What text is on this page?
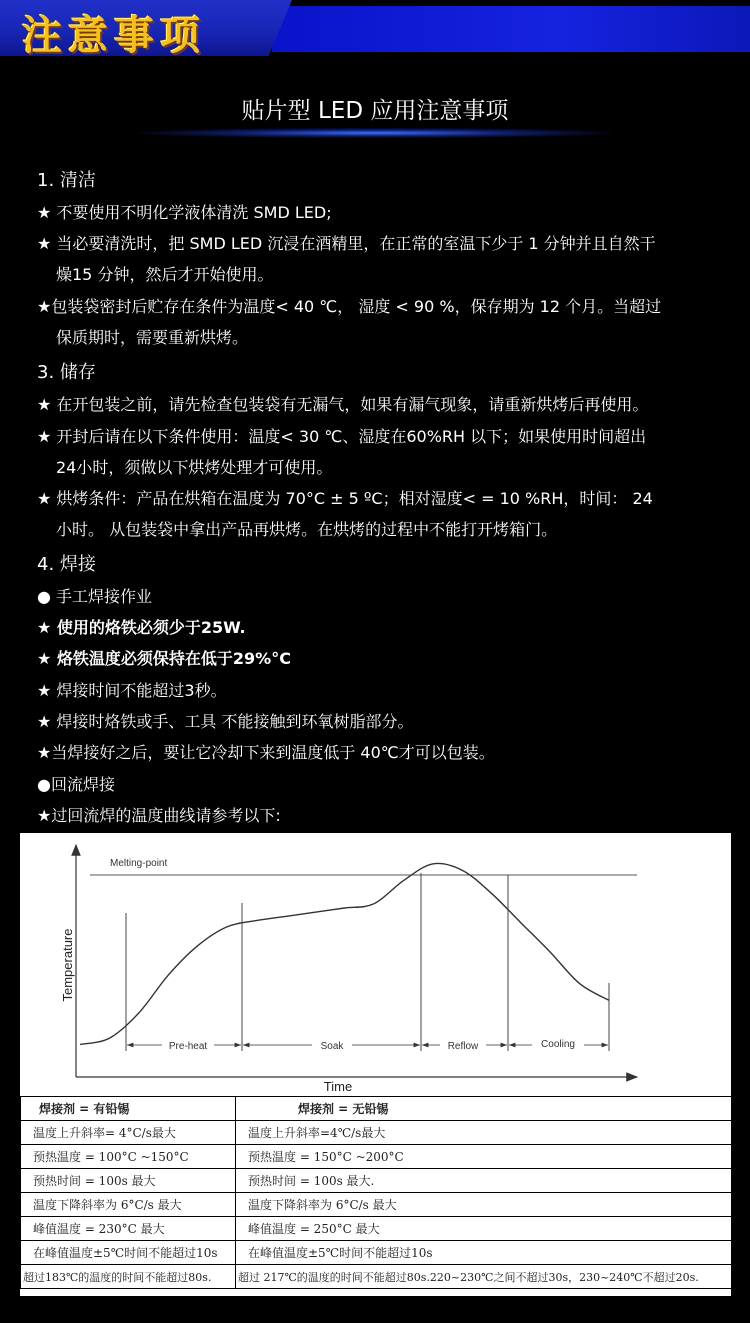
注意事项
贴片型 LED 应用注意事项

1. 清洁

★ 不要使用不明化学液体清洗 SMD LED;

★ 当必要清洗时，把 SMD LED 沉浸在酒精里，在正常的室温下少于 1 分钟并且自然干

燥15 分钟，然后才开始使用。

★包装袋密封后贮存在条件为温度< 40 ℃， 湿度 < 90 %，保存期为 12 个月。当超过

保质期时，需要重新烘烤。

3. 储存

★ 在开包装之前，请先检查包装袋有无漏气，如果有漏气现象，请重新烘烤后再使用。

★ 开封后请在以下条件使用：温度< 30 ℃、湿度在60%RH 以下；如果使用时间超出

24小时，须做以下烘烤处理才可使用。

★ 烘烤条件：产品在烘箱在温度为 70°C ± 5 ºC；相对湿度< = 10 %RH，时间： 24

小时。 从包装袋中拿出产品再烘烤。在烘烤的过程中不能打开烤箱门。

4. 焊接

● 手工焊接作业

★ 使用的烙铁必须少于25W.

★ 烙铁温度必须保持在低于29%°C

★ 焊接时间不能超过3秒。

★ 焊接时烙铁或手、工具 不能接触到环氧树脂部分。

★当焊接好之后，要让它冷却下来到温度低于 40℃才可以包装。

●回流焊接

★过回流焊的温度曲线请参考以下:

Melting-point
Temperature
Time
Pre-heat	Soak	Reflow	Cooling
焊接剂 = 有铅锡	焊接剂 = 无铅锡
温度上升斜率= 4°C/s最大	温度上升斜率=4℃/s最大
预热温度 = 100°C ~150°C	预热温度 = 150°C ~200°C
预热时间 = 100s 最大	预热时间 = 100s 最大.
温度下降斜率为 6°C/s 最大	温度下降斜率为 6°C/s 最大
峰值温度 = 230°C 最大	峰值温度 = 250°C 最大
在峰值温度±5℃时间不能超过10s	在峰值温度±5℃时间不能超过10s
超过183℃的温度的时间不能超过80s.	超过 217℃的温度的时间不能超过80s.220~230℃之间不超过30s，230~240℃不超过20s.
